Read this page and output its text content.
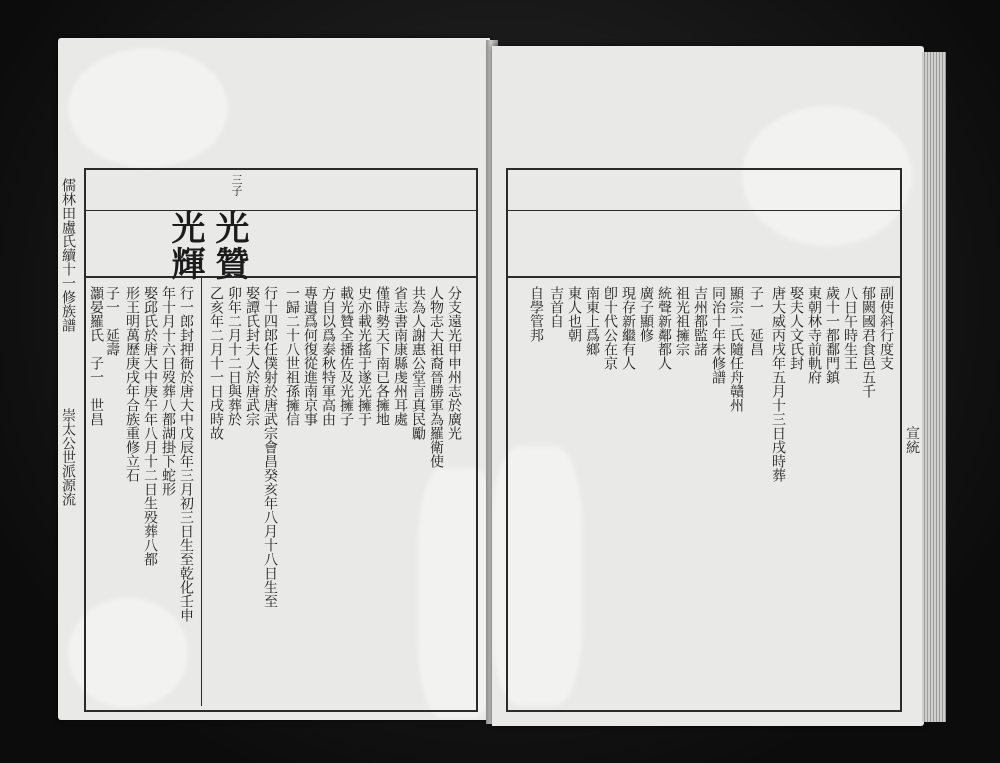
三子
光贊
光輝
分支遠光甲申州志於廣光
人物志大祖裔晉勝軍為羅衛使
共為人謝惠公堂言真民勵
省志書南康縣虔州耳處
僅時勢天下南已各擁地
史亦載光搖于遂光擁于
載光贊全播佐及光擁子
方自以爲泰秋特軍高由
專遺爲何復從進南京事
一歸二十八世祖孫擁信
行十四郎任僕射於唐武宗會昌癸亥年八月十八日生至
娶譚氏封夫人於唐武宗
卯年二月十二日與葬於
乙亥年二月十一日戌時故
行一郎封押衙於唐大中戊辰年三月初三日生至乾化壬申
年十月十六日歿葬八都湖掛下蛇形
娶邱氏於唐大中庚午年八月十二日生殁葬八都
形王明萬歷庚戌年合族重修立石
子一　延壽
灝晏羅氏　子一　世昌
儒林田盧氏續十一修族譜
崇太公世派源流
副使斜行度支
郁闕國君食邑五千
八日午時生王
歲十一都鄱門鎮
東朝林寺前軌府
娶夫人文氏封
唐大威丙戌年五月十三日戌時葬
子一　延昌
顯宗二氏隨任舟贛州
同治十年未修譜
吉州都監諸
祖光祖擁宗
統聲新鄰都人
廣子顯修
現存新繼有人
卽十代公在京
南東上爲鄉
東人也朝
吉首自
自學管邦
宣統
